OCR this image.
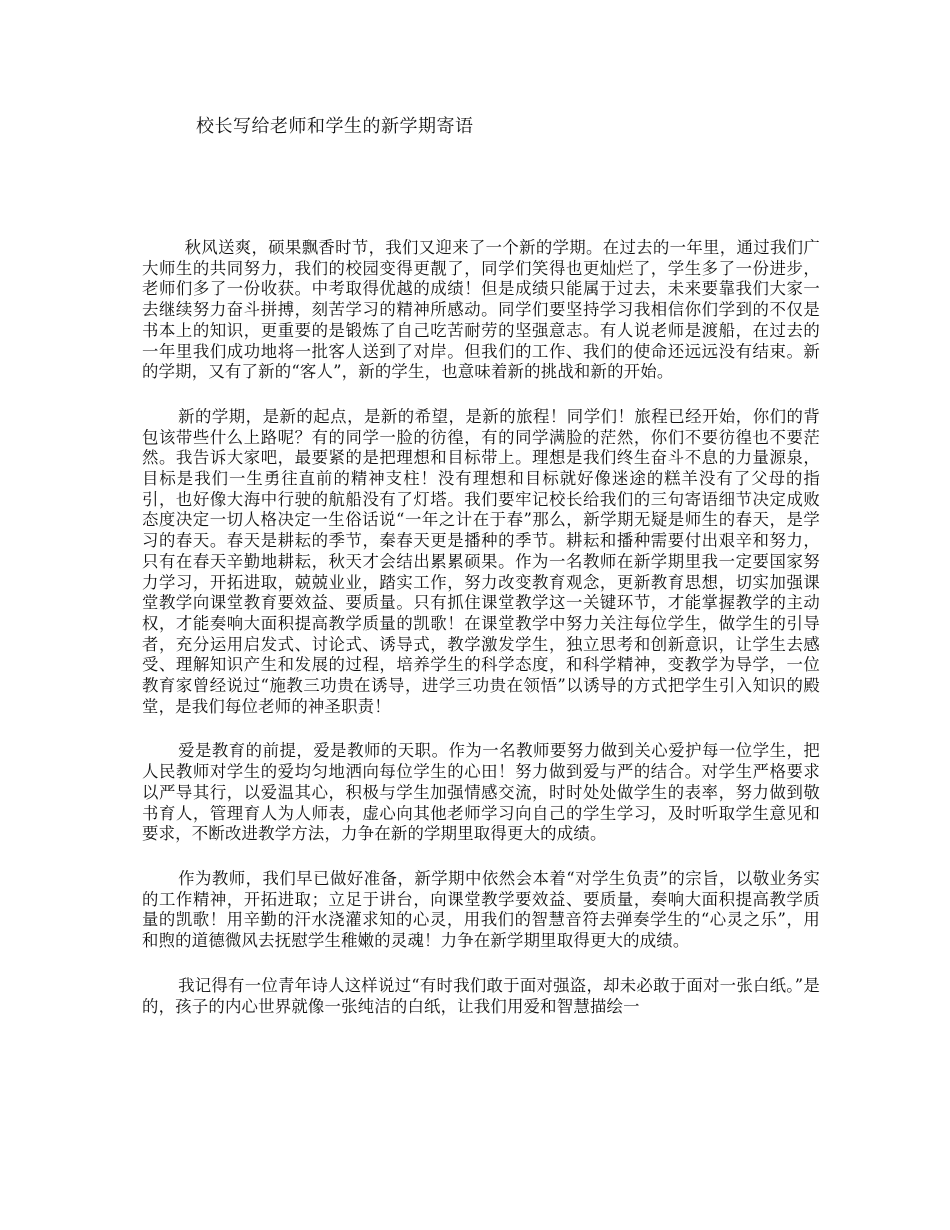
校长写给老师和学生的新学期寄语

秋风送爽，硕果飘香时节，我们又迎来了一个新的学期。在过去的一年里，通过我们广大师生的共同努力，我们的校园变得更靓了，同学们笑得也更灿烂了，学生多了一份进步，老师们多了一份收获。中考取得优越的成绩！但是成绩只能属于过去，未来要靠我们大家一去继续努力奋斗拼搏，刻苦学习的精神所感动。同学们要坚持学习我相信你们学到的不仅是书本上的知识，更重要的是锻炼了自己吃苦耐劳的坚强意志。有人说老师是渡船，在过去的一年里我们成功地将一批客人送到了对岸。但我们的工作、我们的使命还远远没有结束。新的学期，又有了新的“客人”，新的学生，也意味着新的挑战和新的开始。

新的学期，是新的起点，是新的希望，是新的旅程！同学们！旅程已经开始，你们的背包该带些什么上路呢？有的同学一脸的彷徨，有的同学满脸的茫然，你们不要彷徨也不要茫然。我告诉大家吧，最要紧的是把理想和目标带上。理想是我们终生奋斗不息的力量源泉，目标是我们一生勇往直前的精神支柱！没有理想和目标就好像迷途的糕羊没有了父母的指引，也好像大海中行驶的航船没有了灯塔。我们要牢记校长给我们的三句寄语细节决定成败态度决定一切人格决定一生俗话说“一年之计在于春”那么，新学期无疑是师生的春天，是学习的春天。春天是耕耘的季节，秦春天更是播种的季节。耕耘和播种需要付出艰辛和努力，只有在春天辛勤地耕耘，秋天才会结出累累硕果。作为一名教师在新学期里我一定要国家努力学习，开拓进取，兢兢业业，踏实工作，努力改变教育观念，更新教育思想，切实加强课堂教学向课堂教育要效益、要质量。只有抓住课堂教学这一关键环节，才能掌握教学的主动权，才能奏响大面积提高教学质量的凯歌！在课堂教学中努力关注每位学生，做学生的引导者，充分运用启发式、讨论式、诱导式，教学激发学生，独立思考和创新意识，让学生去感受、理解知识产生和发展的过程，培养学生的科学态度，和科学精神，变教学为导学，一位教育家曾经说过“施教三功贵在诱导，进学三功贵在领悟”以诱导的方式把学生引入知识的殿堂，是我们每位老师的神圣职责！

爱是教育的前提，爱是教师的天职。作为一名教师要努力做到关心爱护每一位学生，把人民教师对学生的爱均匀地洒向每位学生的心田！努力做到爱与严的结合。对学生严格要求以严导其行，以爱温其心，积极与学生加强情感交流，时时处处做学生的表率，努力做到敬书育人，管理育人为人师表，虚心向其他老师学习向自己的学生学习，及时听取学生意见和要求，不断改进教学方法，力争在新的学期里取得更大的成绩。

作为教师，我们早已做好准备，新学期中依然会本着“对学生负责”的宗旨，以敬业务实的工作精神，开拓进取；立足于讲台，向课堂教学要效益、要质量，奏响大面积提高教学质量的凯歌！用辛勤的汗水浇灌求知的心灵，用我们的智慧音符去弹奏学生的“心灵之乐”，用和煦的道德微风去抚慰学生稚嫩的灵魂！力争在新学期里取得更大的成绩。

我记得有一位青年诗人这样说过“有时我们敢于面对强盗，却未必敢于面对一张白纸。”是的，孩子的内心世界就像一张纯洁的白纸，让我们用爱和智慧描绘一
